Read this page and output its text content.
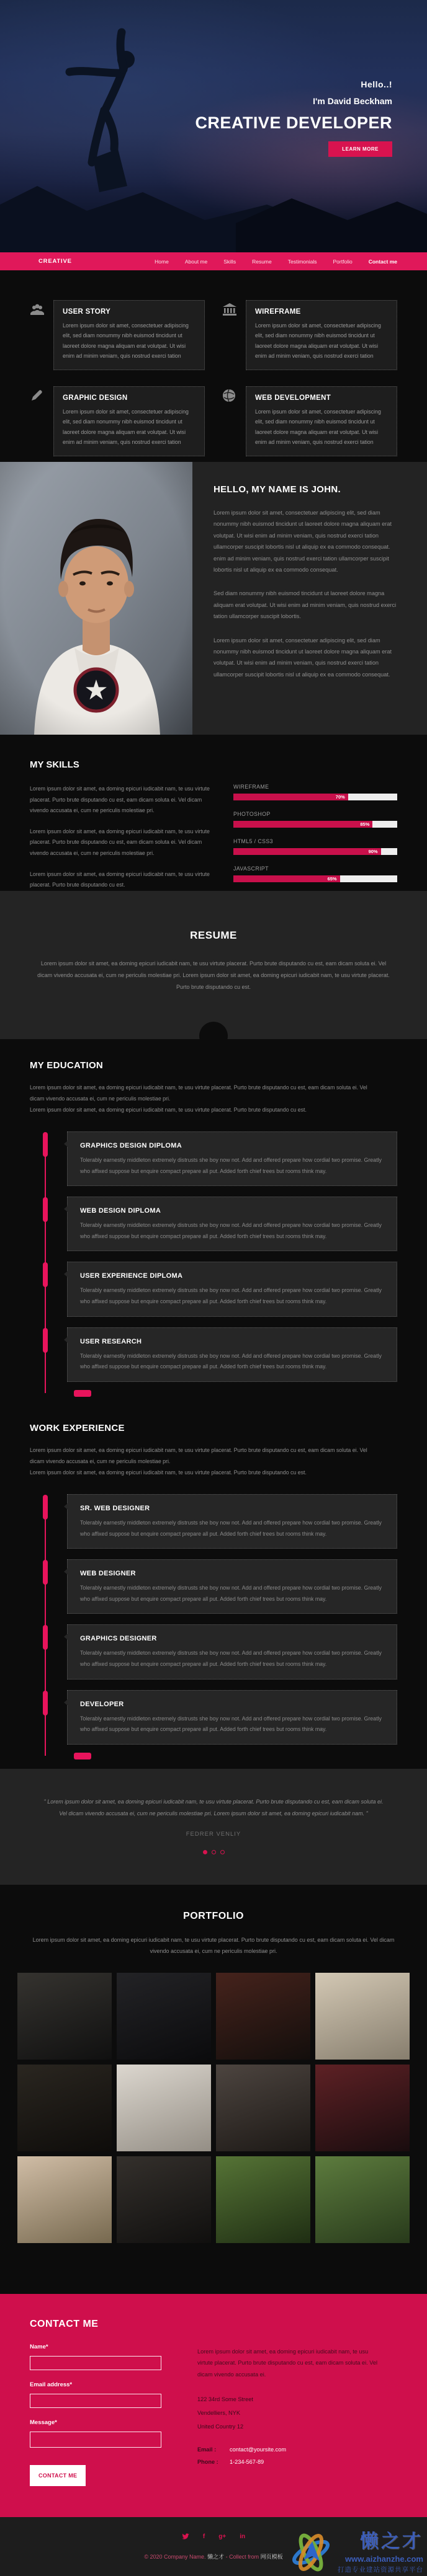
Hello..!
I'm David Beckham
CREATIVE DEVELOPER
LEARN MORE
CREATIVE	Home	About me	Skills	Resume	Testimonials	Portfolio	Contact me
USER STORY
Lorem ipsum dolor sit amet, consectetuer adipiscing elit, sed diam nonummy nibh euismod tincidunt ut laoreet dolore magna aliquam erat volutpat. Ut wisi enim ad minim veniam, quis nostrud exerci tation
WIREFRAME
Lorem ipsum dolor sit amet, consectetuer adipiscing elit, sed diam nonummy nibh euismod tincidunt ut laoreet dolore magna aliquam erat volutpat. Ut wisi enim ad minim veniam, quis nostrud exerci tation
GRAPHIC DESIGN
Lorem ipsum dolor sit amet, consectetuer adipiscing elit, sed diam nonummy nibh euismod tincidunt ut laoreet dolore magna aliquam erat volutpat. Ut wisi enim ad minim veniam, quis nostrud exerci tation
WEB DEVELOPMENT
Lorem ipsum dolor sit amet, consectetuer adipiscing elit, sed diam nonummy nibh euismod tincidunt ut laoreet dolore magna aliquam erat volutpat. Ut wisi enim ad minim veniam, quis nostrud exerci tation
HELLO, MY NAME IS JOHN.

Lorem ipsum dolor sit amet, consectetuer adipiscing elit, sed diam nonummy nibh euismod tincidunt ut laoreet dolore magna aliquam erat volutpat. Ut wisi enim ad minim veniam, quis nostrud exerci tation ullamcorper suscipit lobortis nisl ut aliquip ex ea commodo consequat. enim ad minim veniam, quis nostrud exerci tation ullamcorper suscipit lobortis nisl ut aliquip ex ea commodo consequat.

Sed diam nonummy nibh euismod tincidunt ut laoreet dolore magna aliquam erat volutpat. Ut wisi enim ad minim veniam, quis nostrud exerci tation ullamcorper suscipit lobortis.

Lorem ipsum dolor sit amet, consectetuer adipiscing elit, sed diam nonummy nibh euismod tincidunt ut laoreet dolore magna aliquam erat volutpat. Ut wisi enim ad minim veniam, quis nostrud exerci tation ullamcorper suscipit lobortis nisl ut aliquip ex ea commodo consequat.

MY SKILLS

Lorem ipsum dolor sit amet, ea doming epicuri iudicabit nam, te usu virtute placerat. Purto brute disputando cu est, eam dicam soluta ei. Vel dicam vivendo accusata ei, cum ne periculis molestiae pri.

Lorem ipsum dolor sit amet, ea doming epicuri iudicabit nam, te usu virtute placerat. Purto brute disputando cu est, eam dicam soluta ei. Vel dicam vivendo accusata ei, cum ne periculis molestiae pri.

Lorem ipsum dolor sit amet, ea doming epicuri iudicabit nam, te usu virtute placerat. Purto brute disputando cu est.

WIREFRAME
70%
PHOTOSHOP
85%
HTML5 / CSS3
90%
JAVASCRIPT
65%
RESUME
Lorem ipsum dolor sit amet, ea doming epicuri iudicabit nam, te usu virtute placerat. Purto brute disputando cu est, eam dicam soluta ei. Vel dicam vivendo accusata ei, cum ne periculis molestiae pri. Lorem ipsum dolor sit amet, ea doming epicuri iudicabit nam, te usu virtute placerat. Purto brute disputando cu est.
MY EDUCATION

Lorem ipsum dolor sit amet, ea doming epicuri iudicabit nam, te usu virtute placerat. Purto brute disputando cu est, eam dicam soluta ei. Vel dicam vivendo accusata ei, cum ne periculis molestiae pri.

Lorem ipsum dolor sit amet, ea doming epicuri iudicabit nam, te usu virtute placerat. Purto brute disputando cu est.

GRAPHICS DESIGN DIPLOMA
Tolerably earnestly middleton extremely distrusts she boy now not. Add and offered prepare how cordial two promise. Greatly who affixed suppose but enquire compact prepare all put. Added forth chief trees but rooms think may.
WEB DESIGN DIPLOMA
Tolerably earnestly middleton extremely distrusts she boy now not. Add and offered prepare how cordial two promise. Greatly who affixed suppose but enquire compact prepare all put. Added forth chief trees but rooms think may.
USER EXPERIENCE DIPLOMA
Tolerably earnestly middleton extremely distrusts she boy now not. Add and offered prepare how cordial two promise. Greatly who affixed suppose but enquire compact prepare all put. Added forth chief trees but rooms think may.
USER RESEARCH
Tolerably earnestly middleton extremely distrusts she boy now not. Add and offered prepare how cordial two promise. Greatly who affixed suppose but enquire compact prepare all put. Added forth chief trees but rooms think may.
WORK EXPERIENCE

Lorem ipsum dolor sit amet, ea doming epicuri iudicabit nam, te usu virtute placerat. Purto brute disputando cu est, eam dicam soluta ei. Vel dicam vivendo accusata ei, cum ne periculis molestiae pri.

Lorem ipsum dolor sit amet, ea doming epicuri iudicabit nam, te usu virtute placerat. Purto brute disputando cu est.

SR. WEB DESIGNER
Tolerably earnestly middleton extremely distrusts she boy now not. Add and offered prepare how cordial two promise. Greatly who affixed suppose but enquire compact prepare all put. Added forth chief trees but rooms think may.
WEB DESIGNER
Tolerably earnestly middleton extremely distrusts she boy now not. Add and offered prepare how cordial two promise. Greatly who affixed suppose but enquire compact prepare all put. Added forth chief trees but rooms think may.
GRAPHICS DESIGNER
Tolerably earnestly middleton extremely distrusts she boy now not. Add and offered prepare how cordial two promise. Greatly who affixed suppose but enquire compact prepare all put. Added forth chief trees but rooms think may.
DEVELOPER
Tolerably earnestly middleton extremely distrusts she boy now not. Add and offered prepare how cordial two promise. Greatly who affixed suppose but enquire compact prepare all put. Added forth chief trees but rooms think may.
" Lorem ipsum dolor sit amet, ea doming epicuri iudicabit nam, te usu virtute placerat. Purto brute disputando cu est, eam dicam soluta ei. Vel dicam vivendo accusata ei, cum ne periculis molestiae pri. Lorem ipsum dolor sit amet, ea doming epicuri iudicabit nam. "
FEDRER VENLIY
PORTFOLIO
Lorem ipsum dolor sit amet, ea doming epicuri iudicabit nam, te usu virtute placerat. Purto brute disputando cu est, eam dicam soluta ei. Vel dicam vivendo accusata ei, cum ne periculis molestiae pri.
CONTACT ME
Name*
Email address*
Message*
CONTACT ME
Lorem ipsum dolor sit amet, ea doming epicuri iudicabit nam, te usu virtute placerat. Purto brute disputando cu est, eam dicam soluta ei. Vel dicam vivendo accusata ei.
122 34rd Some Street
Vendelliers, NYK
United Country 12
Email :	contact@yoursite.com
Phone :	1-234-567-89
f g+ in
© 2020 Company Name. 懒之才 - Collect from 网页模板
懒之才
www.aizhanzhe.com
打造专业建站资源共享平台
